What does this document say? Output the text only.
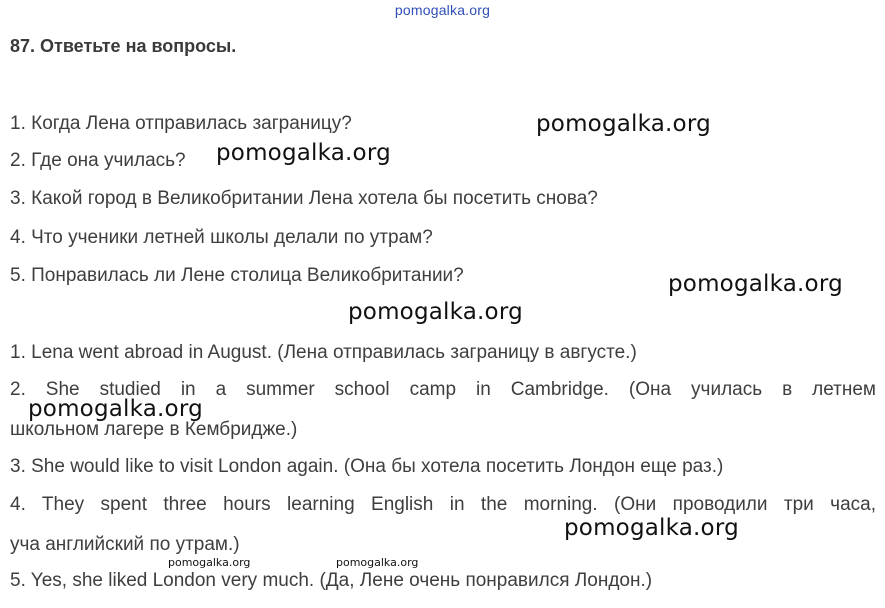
pomogalka.org
87. Ответьте на вопросы.
1. Когда Лена отправилась заграницу?
2. Где она училась?
3. Какой город в Великобритании Лена хотела бы посетить снова?
4. Что ученики летней школы делали по утрам?
5. Понравилась ли Лене столица Великобритании?
1. Lena went abroad in August. (Лена отправилась заграницу в августе.)
2. She studied in a summer school camp in Cambridge. (Она училась в летнем
школьном лагере в Кембридже.)
3. She would like to visit London again. (Она бы хотела посетить Лондон еще раз.)
4. They spent three hours learning English in the morning. (Они проводили три часа,
уча английский по утрам.)
5. Yes, she liked London very much. (Да, Лене очень понравился Лондон.)
pomogalka.org
pomogalka.org
pomogalka.org
pomogalka.org
pomogalka.org
pomogalka.org
pomogalka.org	pomogalka.org
